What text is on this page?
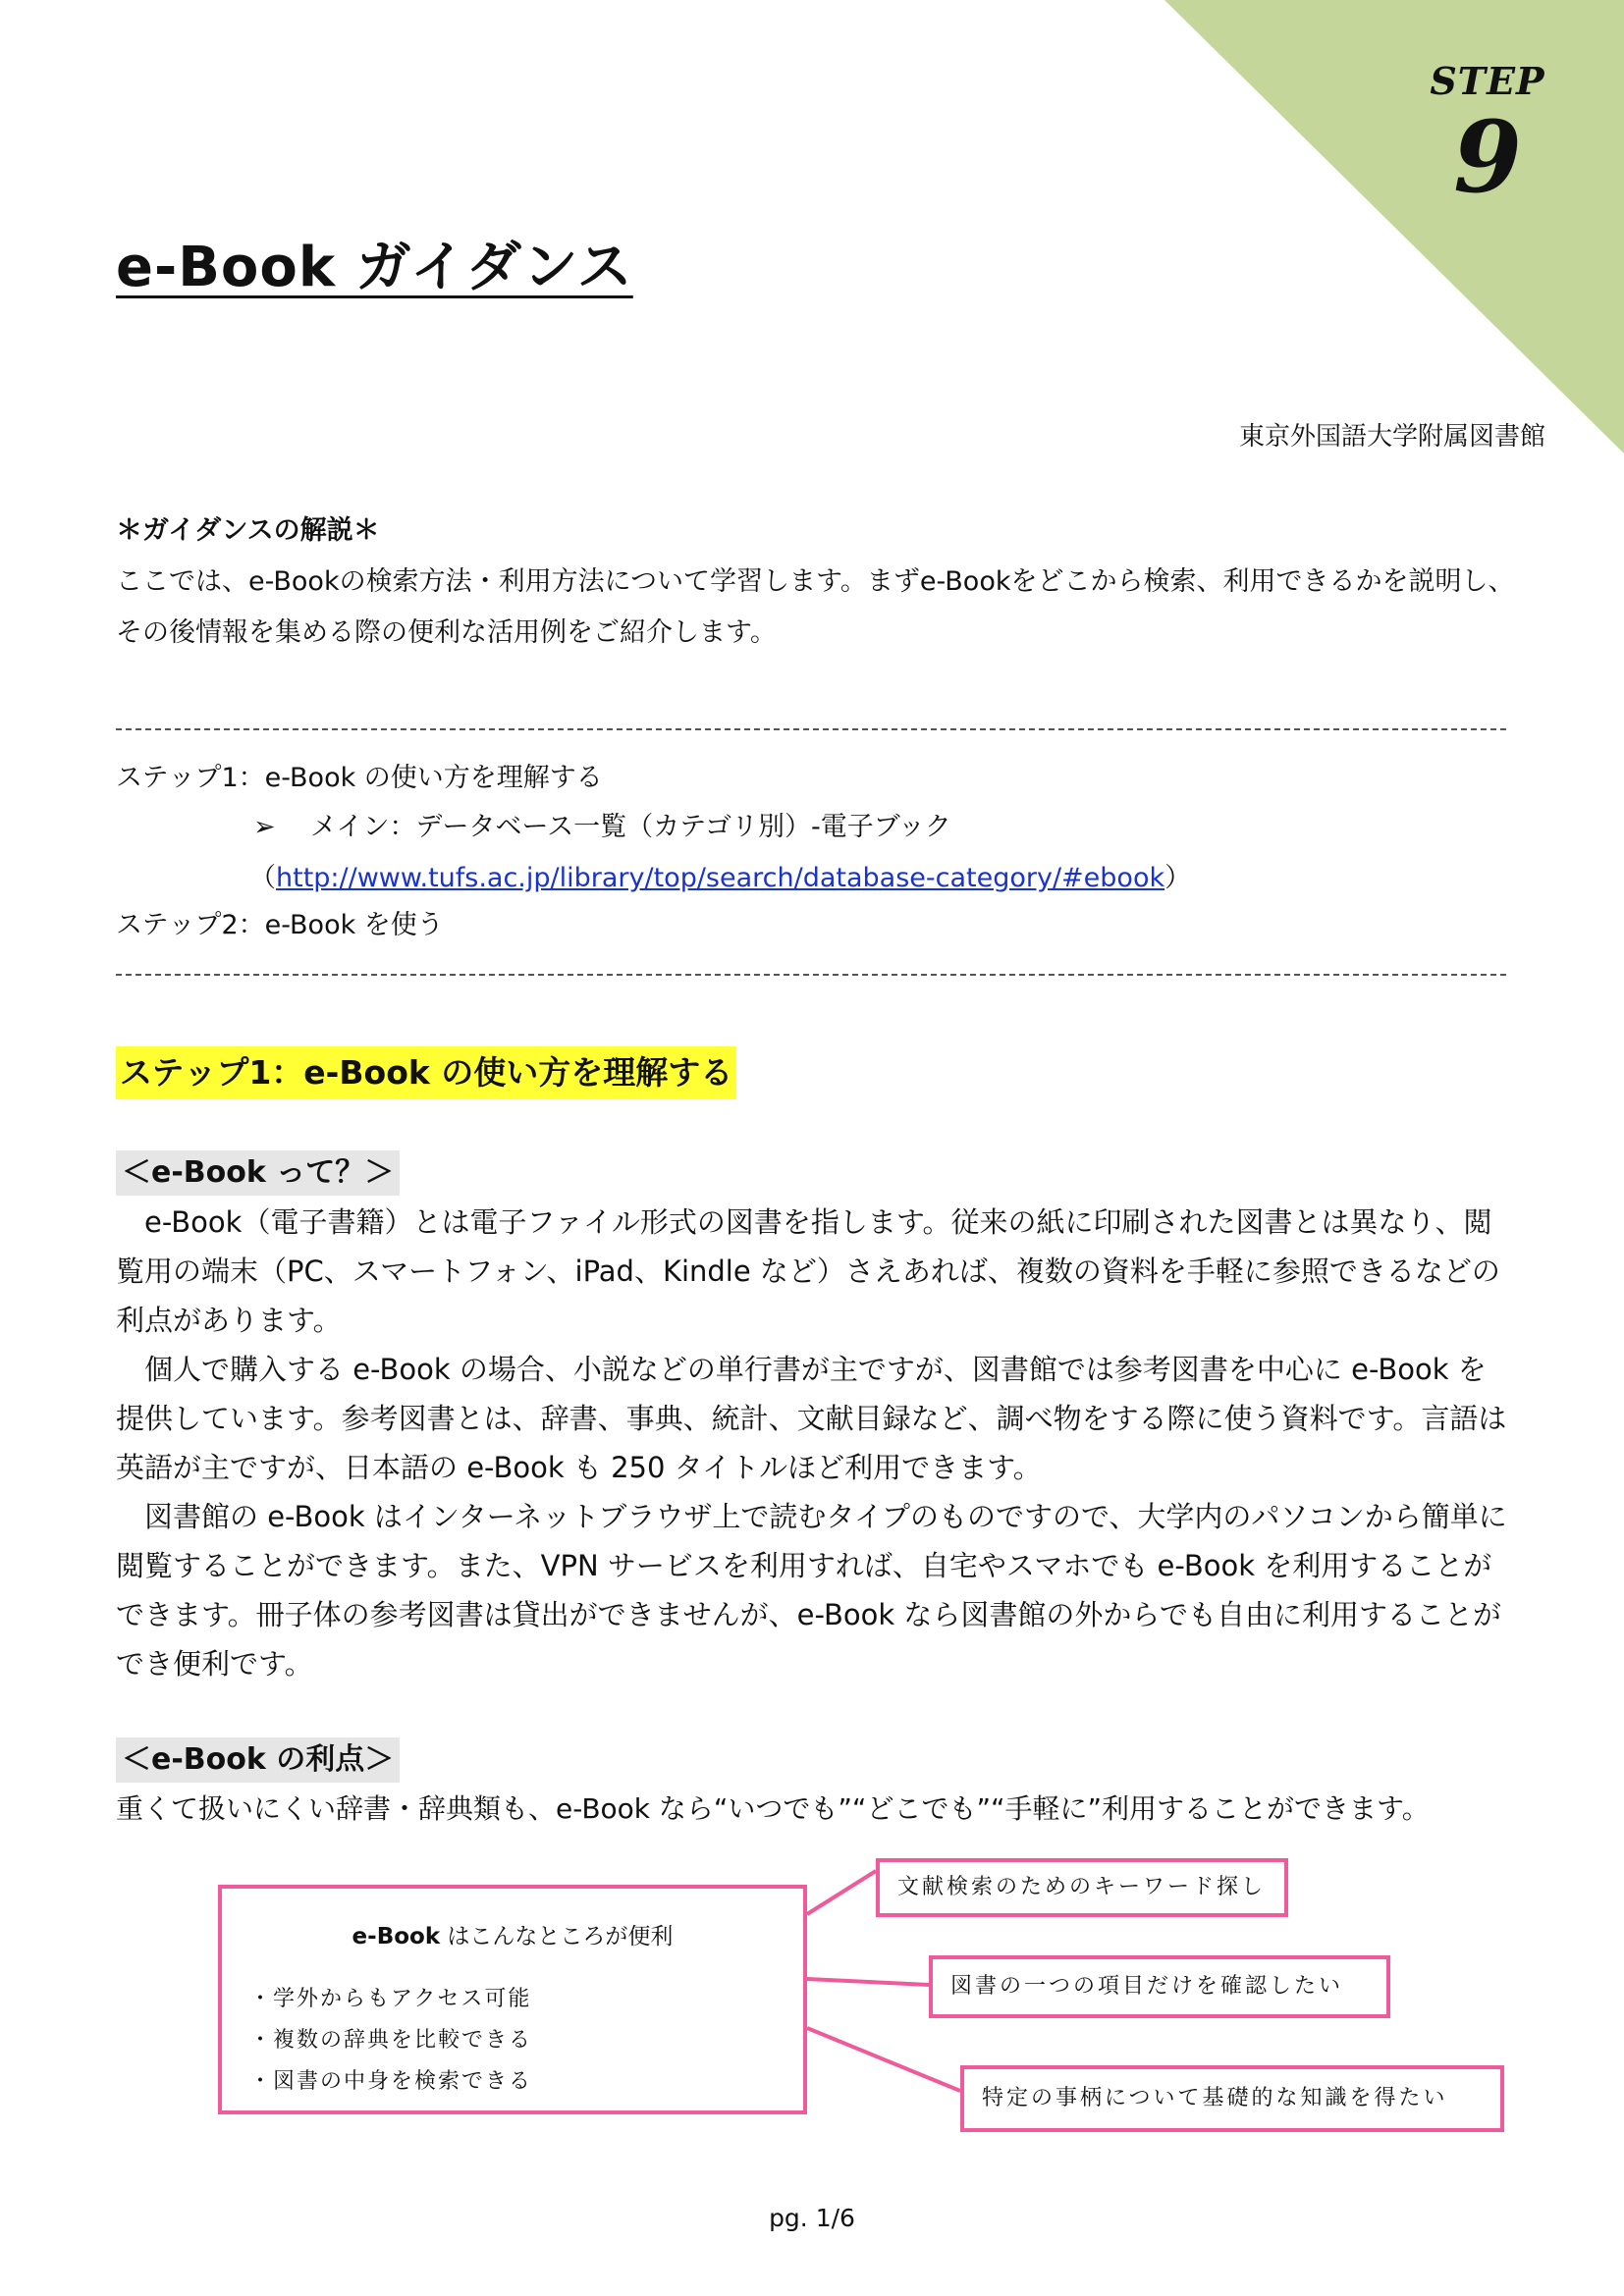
STEP
9
e-Book ガイダンス
東京外国語大学附属図書館
＊ガイダンスの解説＊
ここでは、e-Bookの検索方法・利用方法について学習します。まずe-Bookをどこから検索、利用できるかを説明し、
その後情報を集める際の便利な活用例をご紹介します。
ステップ1：e-Book の使い方を理解する
➢ メイン：データベース一覧（カテゴリ別）-電子ブック
（http://www.tufs.ac.jp/library/top/search/database-category/#ebook）
ステップ2：e-Book を使う
ステップ1：e-Book の使い方を理解する
＜e-Book って？＞

e-Book（電子書籍）とは電子ファイル形式の図書を指します。従来の紙に印刷された図書とは異なり、閲覧用の端末（PC、スマートフォン、iPad、Kindle など）さえあれば、複数の資料を手軽に参照できるなどの利点があります。

個人で購入する e-Book の場合、小説などの単行書が主ですが、図書館では参考図書を中心に e-Book を提供しています。参考図書とは、辞書、事典、統計、文献目録など、調べ物をする際に使う資料です。言語は英語が主ですが、日本語の e-Book も 250 タイトルほど利用できます。

図書館の e-Book はインターネットブラウザ上で読むタイプのものですので、大学内のパソコンから簡単に閲覧することができます。また、VPN サービスを利用すれば、自宅やスマホでも e-Book を利用することができます。冊子体の参考図書は貸出ができませんが、e-Book なら図書館の外からでも自由に利用することができ便利です。

＜e-Book の利点＞
重くて扱いにくい辞書・辞典類も、e-Book なら“いつでも”“どこでも”“手軽に”利用することができます。
e-Book はこんなところが便利
・学外からもアクセス可能
・複数の辞典を比較できる
・図書の中身を検索できる
文献検索のためのキーワード探し
図書の一つの項目だけを確認したい
特定の事柄について基礎的な知識を得たい
pg. 1/6
